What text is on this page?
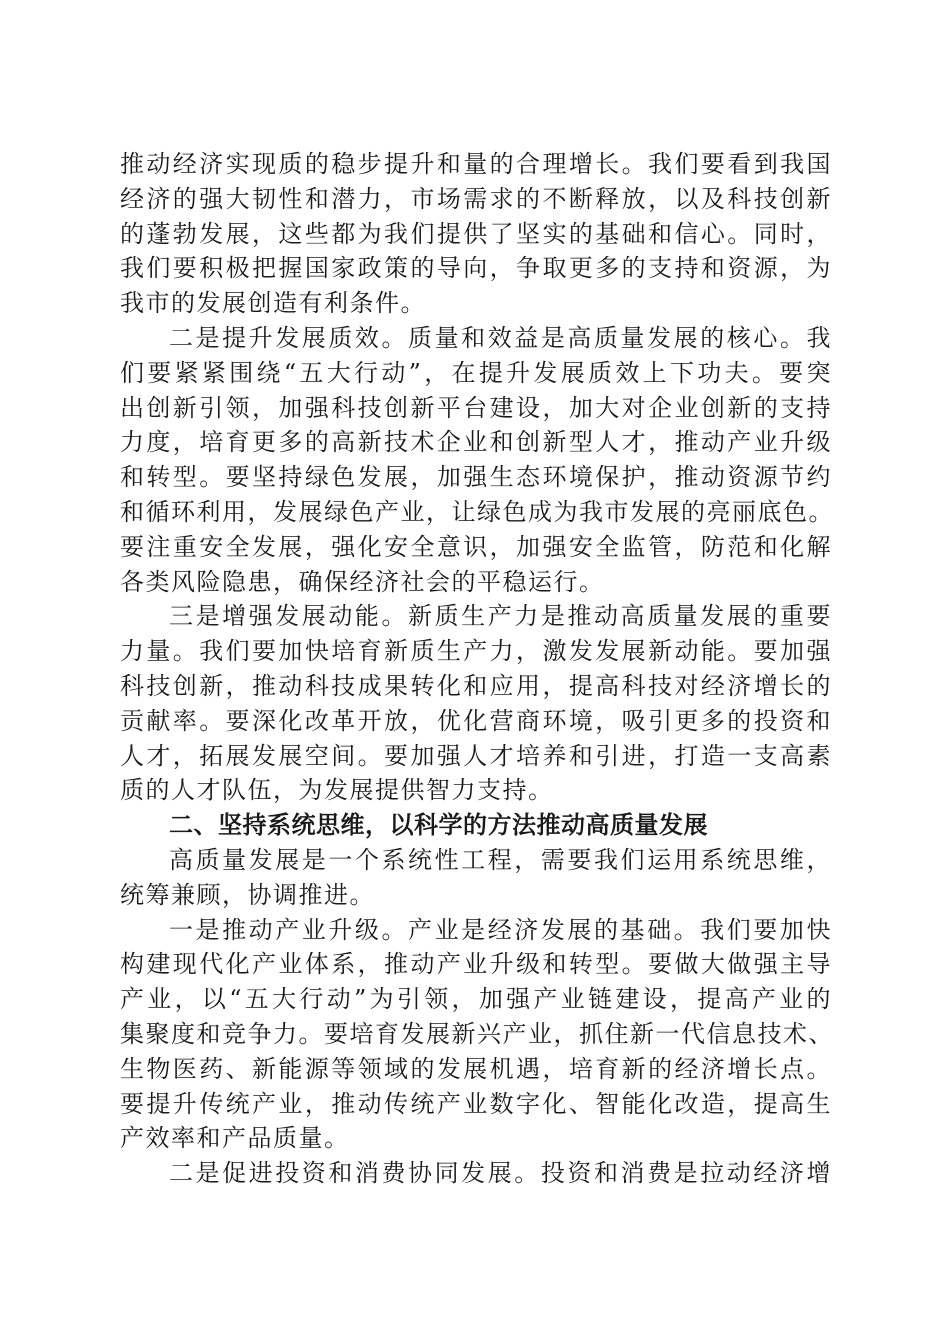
推动经济实现质的稳步提升和量的合理增长。我们要看到我国
经济的强大韧性和潜力，市场需求的不断释放，以及科技创新
的蓬勃发展，这些都为我们提供了坚实的基础和信心。同时，
我们要积极把握国家政策的导向，争取更多的支持和资源，为
我市的发展创造有利条件。
二是提升发展质效。质量和效益是高质量发展的核心。我
们要紧紧围绕“五大行动”，在提升发展质效上下功夫。要突
出创新引领，加强科技创新平台建设，加大对企业创新的支持
力度，培育更多的高新技术企业和创新型人才，推动产业升级
和转型。要坚持绿色发展，加强生态环境保护，推动资源节约
和循环利用，发展绿色产业，让绿色成为我市发展的亮丽底色。
要注重安全发展，强化安全意识，加强安全监管，防范和化解
各类风险隐患，确保经济社会的平稳运行。
三是增强发展动能。新质生产力是推动高质量发展的重要
力量。我们要加快培育新质生产力，激发发展新动能。要加强
科技创新，推动科技成果转化和应用，提高科技对经济增长的
贡献率。要深化改革开放，优化营商环境，吸引更多的投资和
人才，拓展发展空间。要加强人才培养和引进，打造一支高素
质的人才队伍，为发展提供智力支持。
二、坚持系统思维，以科学的方法推动高质量发展
高质量发展是一个系统性工程，需要我们运用系统思维，
统筹兼顾，协调推进。
一是推动产业升级。产业是经济发展的基础。我们要加快
构建现代化产业体系，推动产业升级和转型。要做大做强主导
产业，以“五大行动”为引领，加强产业链建设，提高产业的
集聚度和竞争力。要培育发展新兴产业，抓住新一代信息技术、
生物医药、新能源等领域的发展机遇，培育新的经济增长点。
要提升传统产业，推动传统产业数字化、智能化改造，提高生
产效率和产品质量。
二是促进投资和消费协同发展。投资和消费是拉动经济增
